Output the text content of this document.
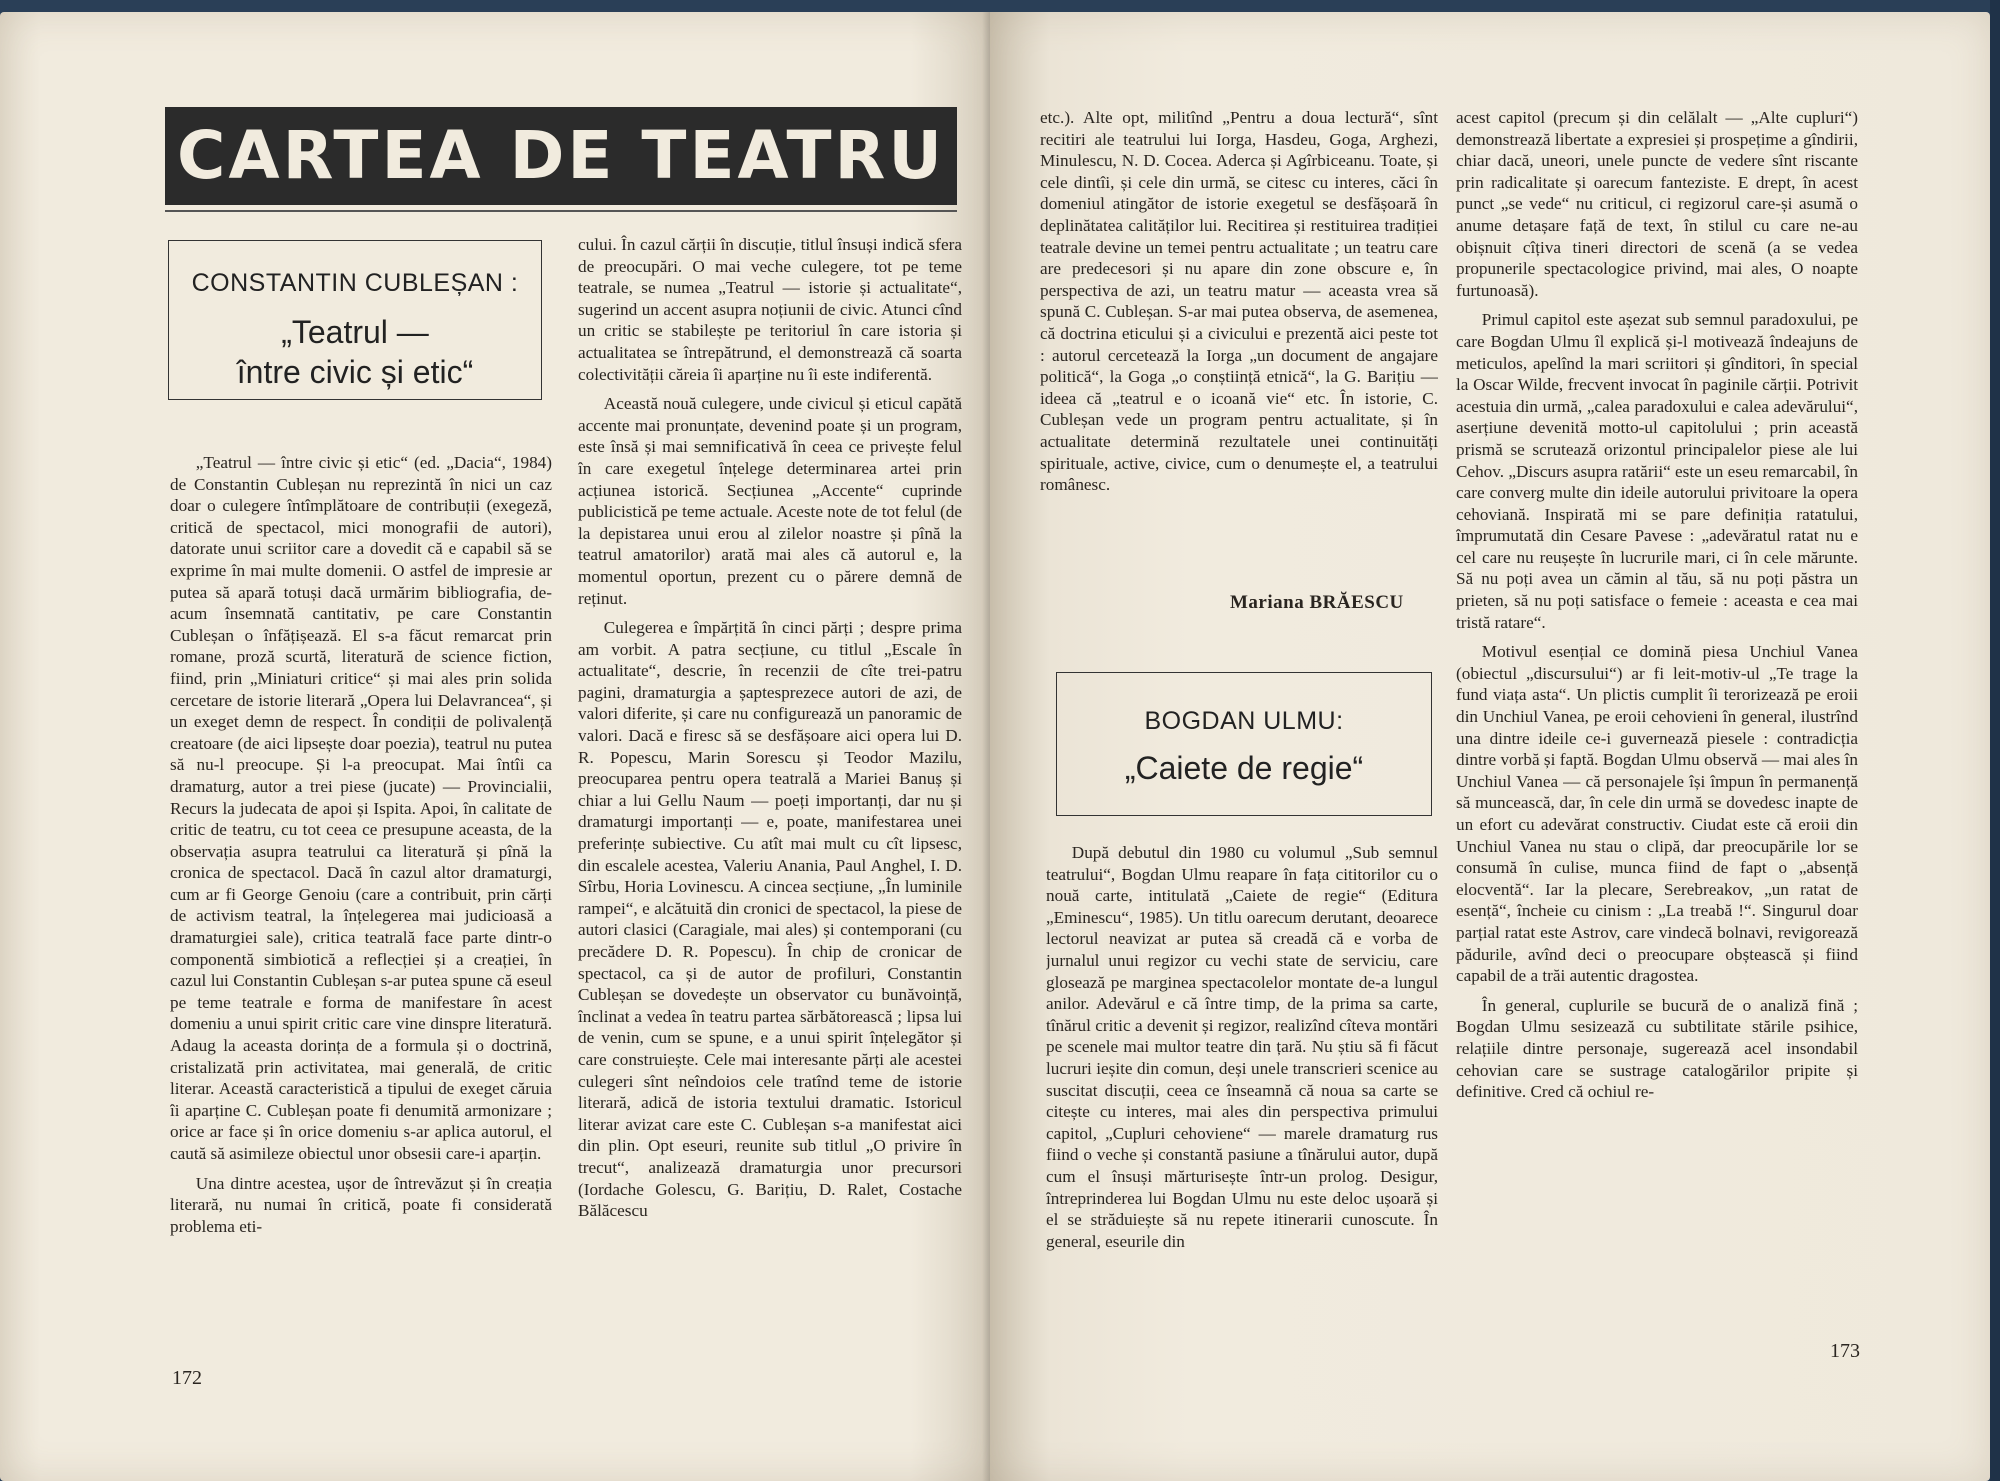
CARTEA DE TEATRU
CONSTANTIN CUBLEȘAN :
„Teatrul —
între civic și etic“

„Teatrul — între civic și etic“ (ed. „Dacia“, 1984) de Constantin Cubleșan nu reprezintă în nici un caz doar o culegere întîmplătoare de contribuții (exegeză, critică de spectacol, mici monografii de autori), datorate unui scriitor care a dovedit că e capabil să se exprime în mai multe domenii. O astfel de impresie ar putea să apară totuși dacă urmărim bibliografia, de-acum însemnată cantitativ, pe care Constantin Cubleșan o înfățișează. El s-a făcut remarcat prin romane, proză scurtă, literatură de science fiction, fiind, prin „Miniaturi critice“ și mai ales prin solida cercetare de istorie literară „Opera lui Delavrancea“, și un exeget demn de respect. În condiții de polivalență creatoare (de aici lipsește doar poezia), teatrul nu putea să nu-l preocupe. Și l-a preocupat. Mai întîi ca dramaturg, autor a trei piese (jucate) — Provincialii, Recurs la judecata de apoi și Ispita. Apoi, în calitate de critic de teatru, cu tot ceea ce presupune aceasta, de la observația asupra teatrului ca literatură și pînă la cronica de spectacol. Dacă în cazul altor dramaturgi, cum ar fi George Genoiu (care a contribuit, prin cărți de activism teatral, la înțelegerea mai judicioasă a dramaturgiei sale), critica teatrală face parte dintr-o componentă simbiotică a reflecției și a creației, în cazul lui Constantin Cubleșan s-ar putea spune că eseul pe teme teatrale e forma de manifestare în acest domeniu a unui spirit critic care vine dinspre literatură. Adaug la aceasta dorința de a formula și o doctrină, cristalizată prin activitatea, mai generală, de critic literar. Această caracteristică a tipului de exeget căruia îi aparține C. Cubleșan poate fi denumită armonizare ; orice ar face și în orice domeniu s-ar aplica autorul, el caută să asimileze obiectul unor obsesii care-i aparțin.

Una dintre acestea, ușor de întrevăzut și în creația literară, nu numai în critică, poate fi considerată problema eti-

cului. În cazul cărții în discuție, titlul însuși indică sfera de preocupări. O mai veche culegere, tot pe teme teatrale, se numea „Teatrul — istorie și actualitate“, sugerind un accent asupra noțiunii de civic. Atunci cînd un critic se stabilește pe teritoriul în care istoria și actualitatea se întrepătrund, el demonstrează că soarta colectivității căreia îi aparține nu îi este indiferentă.

Această nouă culegere, unde civicul și eticul capătă accente mai pronunțate, devenind poate și un program, este însă și mai semnificativă în ceea ce privește felul în care exegetul înțelege determinarea artei prin acțiunea istorică. Secțiunea „Accente“ cuprinde publicistică pe teme actuale. Aceste note de tot felul (de la depistarea unui erou al zilelor noastre și pînă la teatrul amatorilor) arată mai ales că autorul e, la momentul oportun, prezent cu o părere demnă de reținut.

Culegerea e împărțită în cinci părți ; despre prima am vorbit. A patra secțiune, cu titlul „Escale în actualitate“, descrie, în recenzii de cîte trei-patru pagini, dramaturgia a șaptesprezece autori de azi, de valori diferite, și care nu configurează un panoramic de valori. Dacă e firesc să se desfășoare aici opera lui D. R. Popescu, Marin Sorescu și Teodor Mazilu, preocuparea pentru opera teatrală a Mariei Banuș și chiar a lui Gellu Naum — poeți importanți, dar nu și dramaturgi importanți — e, poate, manifestarea unei preferințe subiective. Cu atît mai mult cu cît lipsesc, din escalele acestea, Valeriu Anania, Paul Anghel, I. D. Sîrbu, Horia Lovinescu. A cincea secțiune, „În luminile rampei“, e alcătuită din cronici de spectacol, la piese de autori clasici (Caragiale, mai ales) și contemporani (cu precădere D. R. Popescu). În chip de cronicar de spectacol, ca și de autor de profiluri, Constantin Cubleșan se dovedește un observator cu bunăvoință, înclinat a vedea în teatru partea sărbătorească ; lipsa lui de venin, cum se spune, e a unui spirit înțelegător și care construiește. Cele mai interesante părți ale acestei culegeri sînt neîndoios cele tratînd teme de istorie literară, adică de istoria textului dramatic. Istoricul literar avizat care este C. Cubleșan s-a manifestat aici din plin. Opt eseuri, reunite sub titlul „O privire în trecut“, analizează dramaturgia unor precursori (Iordache Golescu, G. Barițiu, D. Ralet, Costache Bălăcescu

172

etc.). Alte opt, militînd „Pentru a doua lectură“, sînt recitiri ale teatrului lui Iorga, Hasdeu, Goga, Arghezi, Minulescu, N. D. Cocea. Aderca și Agîrbiceanu. Toate, și cele dintîi, și cele din urmă, se citesc cu interes, căci în domeniul atingător de istorie exegetul se desfășoară în deplinătatea calităților lui. Recitirea și restituirea tradiției teatrale devine un temei pentru actualitate ; un teatru care are predecesori și nu apare din zone obscure e, în perspectiva de azi, un teatru matur — aceasta vrea să spună C. Cubleșan. S-ar mai putea observa, de asemenea, că doctrina eticului și a civicului e prezentă aici peste tot : autorul cercetează la Iorga „un document de angajare politică“, la Goga „o conștiință etnică“, la G. Barițiu — ideea că „teatrul e o icoană vie“ etc. În istorie, C. Cubleșan vede un program pentru actualitate, și în actualitate determină rezultatele unei continuități spirituale, active, civice, cum o denumește el, a teatrului românesc.

Mariana BRĂESCU
BOGDAN ULMU:
„Caiete de regie“

După debutul din 1980 cu volumul „Sub semnul teatrului“, Bogdan Ulmu reapare în fața cititorilor cu o nouă carte, intitulată „Caiete de regie“ (Editura „Eminescu“, 1985). Un titlu oarecum derutant, deoarece lectorul neavizat ar putea să creadă că e vorba de jurnalul unui regizor cu vechi state de serviciu, care glosează pe marginea spectacolelor montate de-a lungul anilor. Adevărul e că între timp, de la prima sa carte, tînărul critic a devenit și regizor, realizînd cîteva montări pe scenele mai multor teatre din țară. Nu știu să fi făcut lucruri ieșite din comun, deși unele transcrieri scenice au suscitat discuții, ceea ce înseamnă că noua sa carte se citește cu interes, mai ales din perspectiva primului capitol, „Cupluri cehoviene“ — marele dramaturg rus fiind o veche și constantă pasiune a tînărului autor, după cum el însuși mărturisește într-un prolog. Desigur, întreprinderea lui Bogdan Ulmu nu este deloc ușoară și el se străduiește să nu repete itinerarii cunoscute. În general, eseurile din

acest capitol (precum și din celălalt — „Alte cupluri“) demonstrează libertate a expresiei și prospețime a gîndirii, chiar dacă, uneori, unele puncte de vedere sînt riscante prin radicalitate și oarecum fanteziste. E drept, în acest punct „se vede“ nu criticul, ci regizorul care-și asumă o anume detașare față de text, în stilul cu care ne-au obișnuit cîțiva tineri directori de scenă (a se vedea propunerile spectacologice privind, mai ales, O noapte furtunoasă).

Primul capitol este așezat sub semnul paradoxului, pe care Bogdan Ulmu îl explică și-l motivează îndeajuns de meticulos, apelînd la mari scriitori și gînditori, în special la Oscar Wilde, frecvent invocat în paginile cărții. Potrivit acestuia din urmă, „calea paradoxului e calea adevărului“, aserțiune devenită motto-ul capitolului ; prin această prismă se scrutează orizontul principalelor piese ale lui Cehov. „Discurs asupra ratării“ este un eseu remarcabil, în care converg multe din ideile autorului privitoare la opera cehoviană. Inspirată mi se pare definiția ratatului, împrumutată din Cesare Pavese : „adevăratul ratat nu e cel care nu reușește în lucrurile mari, ci în cele mărunte. Să nu poți avea un cămin al tău, să nu poți păstra un prieten, să nu poți satisface o femeie : aceasta e cea mai tristă ratare“.

Motivul esențial ce domină piesa Unchiul Vanea (obiectul „discursului“) ar fi leit-motiv-ul „Te trage la fund viața asta“. Un plictis cumplit îi terorizează pe eroii din Unchiul Vanea, pe eroii cehovieni în general, ilustrînd una dintre ideile ce-i guvernează piesele : contradicția dintre vorbă și faptă. Bogdan Ulmu observă — mai ales în Unchiul Vanea — că personajele își împun în permanență să muncească, dar, în cele din urmă se dovedesc inapte de un efort cu adevărat constructiv. Ciudat este că eroii din Unchiul Vanea nu stau o clipă, dar preocupările lor se consumă în culise, munca fiind de fapt o „absență elocventă“. Iar la plecare, Serebreakov, „un ratat de esență“, încheie cu cinism : „La treabă !“. Singurul doar parțial ratat este Astrov, care vindecă bolnavi, revigorează pădurile, avînd deci o preocupare obștească și fiind capabil de a trăi autentic dragostea.

În general, cuplurile se bucură de o analiză fină ; Bogdan Ulmu sesizează cu subtilitate stările psihice, relațiile dintre personaje, sugerează acel insondabil cehovian care se sustrage catalogărilor pripite și definitive. Cred că ochiul re-

173
